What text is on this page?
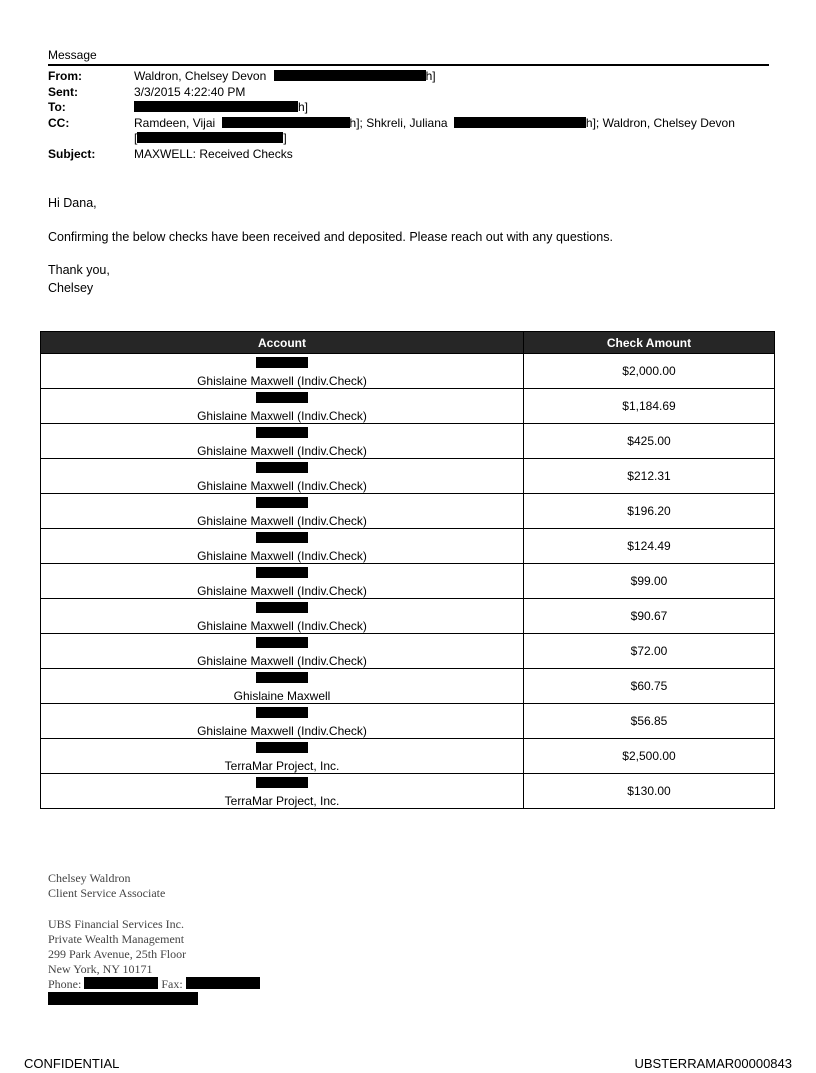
Message
From:	Waldron, Chelsey Devon	h]
Sent:	3/3/2015 4:22:40 PM
To:	h]
CC:	Ramdeen, Vijai	h]; Shkreli, Juliana	h]; Waldron, Chelsey Devon
[	]
Subject:	MAXWELL: Received Checks
Hi Dana,
Confirming the below checks have been received and deposited. Please reach out with any questions.
Thank you,
Chelsey
Account	Check Amount

Ghislaine Maxwell (Indiv.Check)	$2,000.00

Ghislaine Maxwell (Indiv.Check)	$1,184.69

Ghislaine Maxwell (Indiv.Check)	$425.00

Ghislaine Maxwell (Indiv.Check)	$212.31

Ghislaine Maxwell (Indiv.Check)	$196.20

Ghislaine Maxwell (Indiv.Check)	$124.49

Ghislaine Maxwell (Indiv.Check)	$99.00

Ghislaine Maxwell (Indiv.Check)	$90.67

Ghislaine Maxwell (Indiv.Check)	$72.00

Ghislaine Maxwell	$60.75

Ghislaine Maxwell (Indiv.Check)	$56.85

TerraMar Project, Inc.	$2,500.00

TerraMar Project, Inc.	$130.00
Chelsey Waldron
Client Service Associate
UBS Financial Services Inc.
Private Wealth Management
299 Park Avenue, 25th Floor
New York, NY 10171
Phone:	Fax:
CONFIDENTIAL	UBSTERRAMAR00000843
